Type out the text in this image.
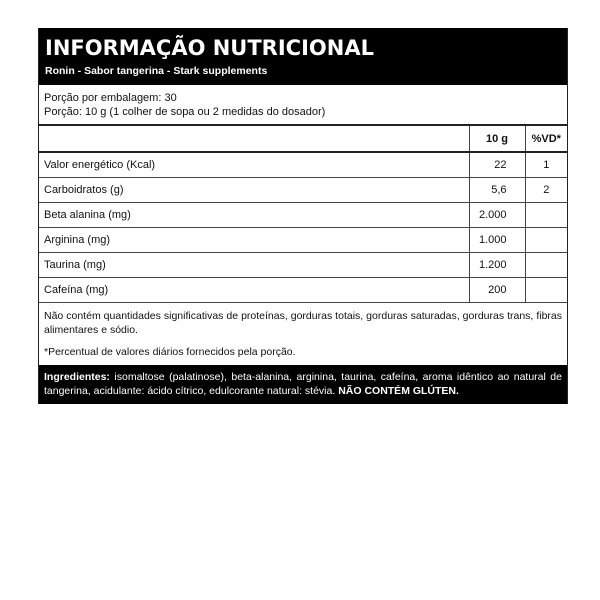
INFORMAÇÃO NUTRICIONAL
Ronin - Sabor tangerina - Stark supplements
Porção por embalagem: 30
Porção: 10 g (1 colher de sopa ou 2 medidas do dosador)
	10 g	%VD*
Valor energético (Kcal)	22	1
Carboidratos (g)	5,6	2
Beta alanina (mg)	2.000	
Arginina (mg)	1.000	
Taurina (mg)	1.200	
Cafeína (mg)	200	
Não contém quantidades significativas de proteínas, gorduras totais, gorduras saturadas, gorduras trans, fibras alimentares e sódio.
*Percentual de valores diários fornecidos pela porção.
Ingredientes: isomaltose (palatinose), beta-alanina, arginina, taurina, cafeína, aroma idêntico ao natural de tangerina, acidulante: ácido cítrico, edulcorante natural: stévia. NÃO CONTÉM GLÚTEN.
